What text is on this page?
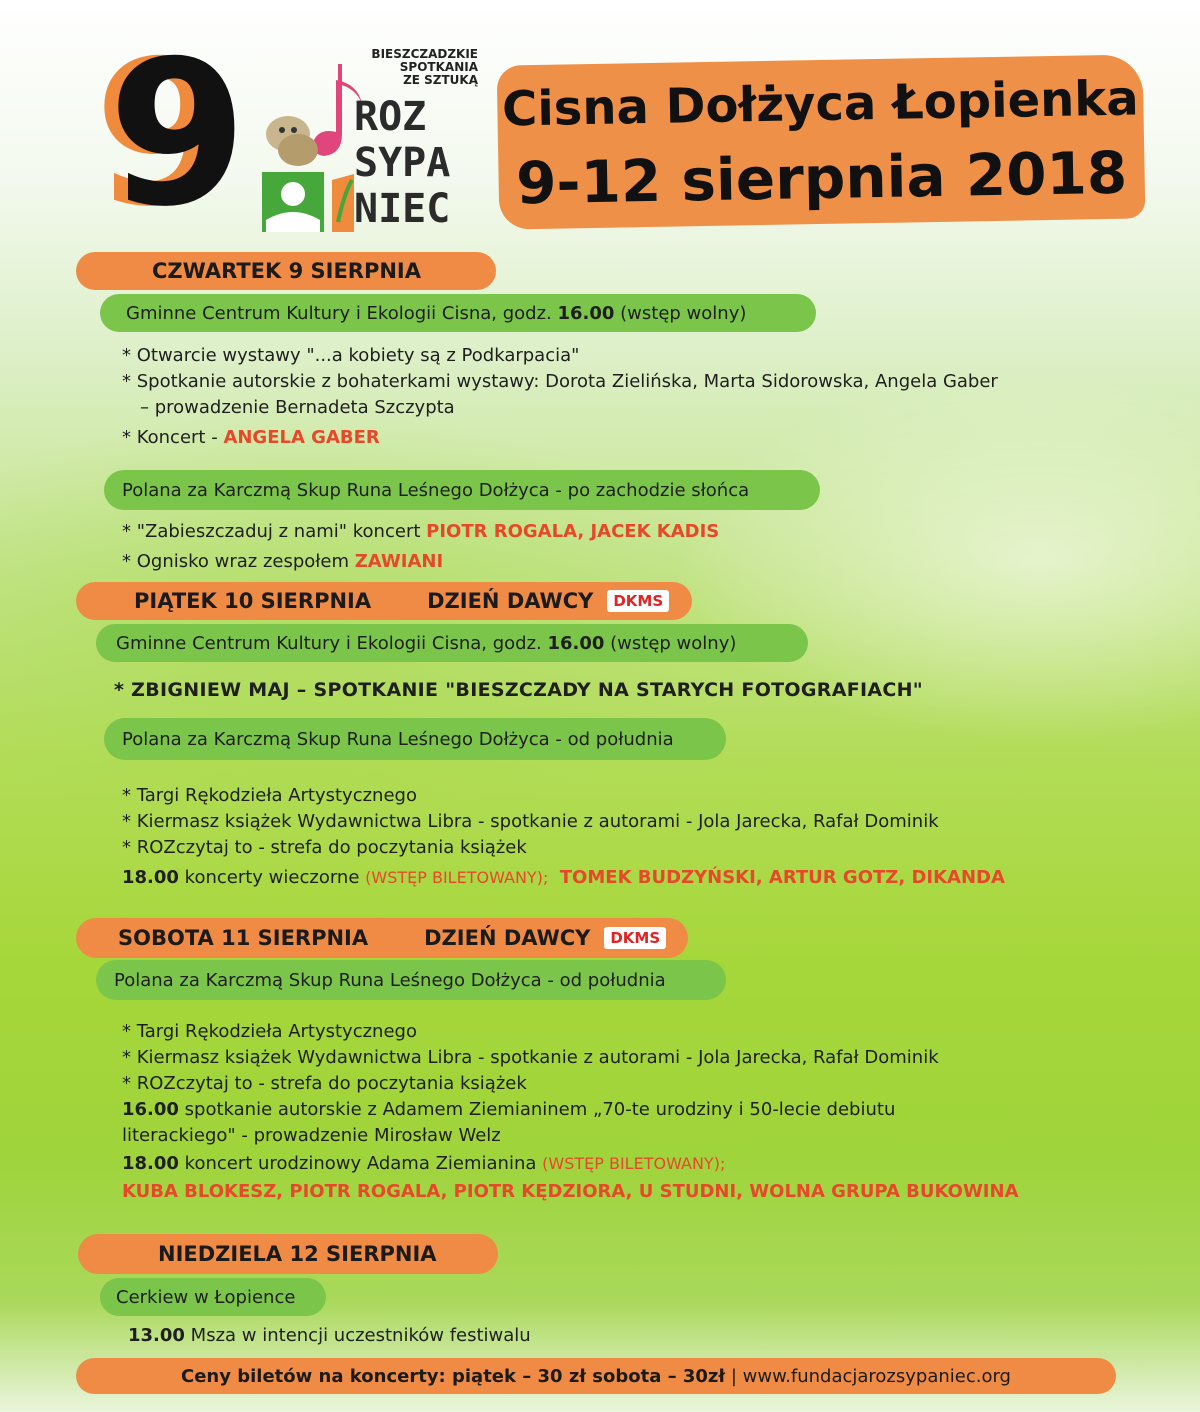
9	BIESZCZADZKIE
SPOTKANIA
ZE SZTUKĄ
ROZ
SYPA
NIEC
Cisna Dołżyca Łopienka
9-12 sierpnia 2018
CZWARTEK 9 SIERPNIA
Gminne Centrum Kultury i Ekologii Cisna, godz.
16.00
(wstęp wolny)
* Otwarcie wystawy "...a kobiety są z Podkarpacia"
* Spotkanie autorskie z bohaterkami wystawy: Dorota Zielińska, Marta Sidorowska, Angela Gaber
– prowadzenie Bernadeta Szczypta
* Koncert - ANGELA GABER
Polana za Karczmą Skup Runa Leśnego Dołżyca - po zachodzie słońca
* "Zabieszczaduj z nami" koncert PIOTR ROGALA, JACEK KADIS
* Ognisko wraz zespołem ZAWIANI
PIĄTEK 10 SIERPNIA	DZIEŃ DAWCY	DKMS
Gminne Centrum Kultury i Ekologii Cisna, godz.
16.00
(wstęp wolny)
* ZBIGNIEW MAJ – SPOTKANIE "BIESZCZADY NA STARYCH FOTOGRAFIACH"
Polana za Karczmą Skup Runa Leśnego Dołżyca - od południa
* Targi Rękodzieła Artystycznego
* Kiermasz książek Wydawnictwa Libra - spotkanie z autorami - Jola Jarecka, Rafał Dominik
* ROZczytaj to - strefa do poczytania książek
18.00 koncerty wieczorne (WSTĘP BILETOWANY); TOMEK BUDZYŃSKI, ARTUR GOTZ, DIKANDA
SOBOTA 11 SIERPNIA	DZIEŃ DAWCY	DKMS
Polana za Karczmą Skup Runa Leśnego Dołżyca - od południa
* Targi Rękodzieła Artystycznego
* Kiermasz książek Wydawnictwa Libra - spotkanie z autorami - Jola Jarecka, Rafał Dominik
* ROZczytaj to - strefa do poczytania książek
16.00 spotkanie autorskie z Adamem Ziemianinem „70-te urodziny i 50-lecie debiutu
literackiego" - prowadzenie Mirosław Welz
18.00 koncert urodzinowy Adama Ziemianina (WSTĘP BILETOWANY);
KUBA BLOKESZ, PIOTR ROGALA, PIOTR KĘDZIORA, U STUDNI, WOLNA GRUPA BUKOWINA
NIEDZIELA 12 SIERPNIA
Cerkiew w Łopience
13.00 Msza w intencji uczestników festiwalu
Ceny biletów na koncerty: piątek – 30 zł sobota – 30zł
|
www.fundacjarozsypaniec.org
